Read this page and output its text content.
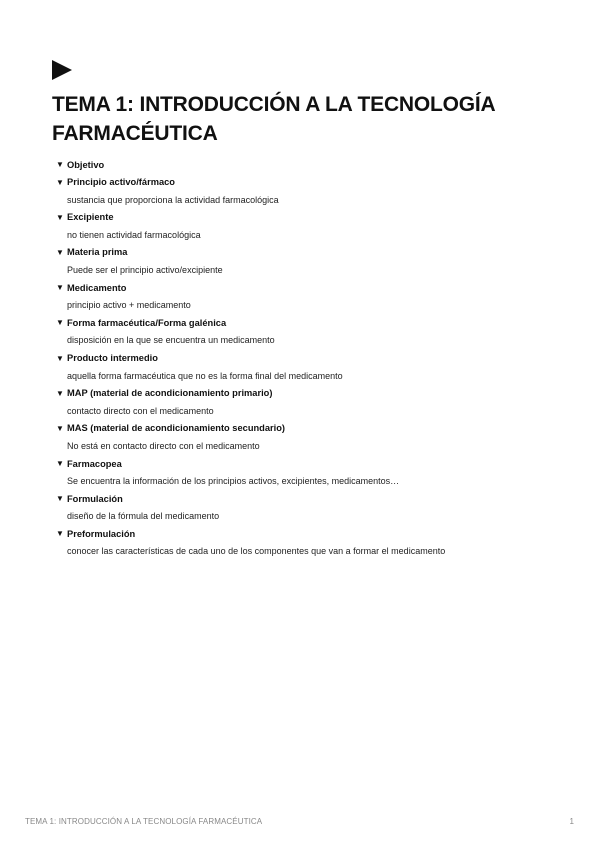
TEMA 1: INTRODUCCIÓN A LA TECNOLOGÍA FARMACÉUTICA
▼ Objetivo
▼ Principio activo/fármaco
sustancia que proporciona la actividad farmacológica
▼ Excipiente
no tienen actividad farmacológica
▼ Materia prima
Puede ser el principio activo/excipiente
▼ Medicamento
principio activo + medicamento
▼ Forma farmacéutica/Forma galénica
disposición en la que se encuentra un medicamento
▼ Producto intermedio
aquella forma farmacéutica que no es la forma final del medicamento
▼ MAP (material de acondicionamiento primario)
contacto directo con el medicamento
▼ MAS (material de acondicionamiento secundario)
No está en contacto directo con el medicamento
▼ Farmacopea
Se encuentra la información de los principios activos, excipientes, medicamentos…
▼ Formulación
diseño de la fórmula del medicamento
▼ Preformulación
conocer las características de cada uno de los componentes que van a formar el medicamento
TEMA 1: INTRODUCCIÓN A LA TECNOLOGÍA FARMACÉUTICA	1
